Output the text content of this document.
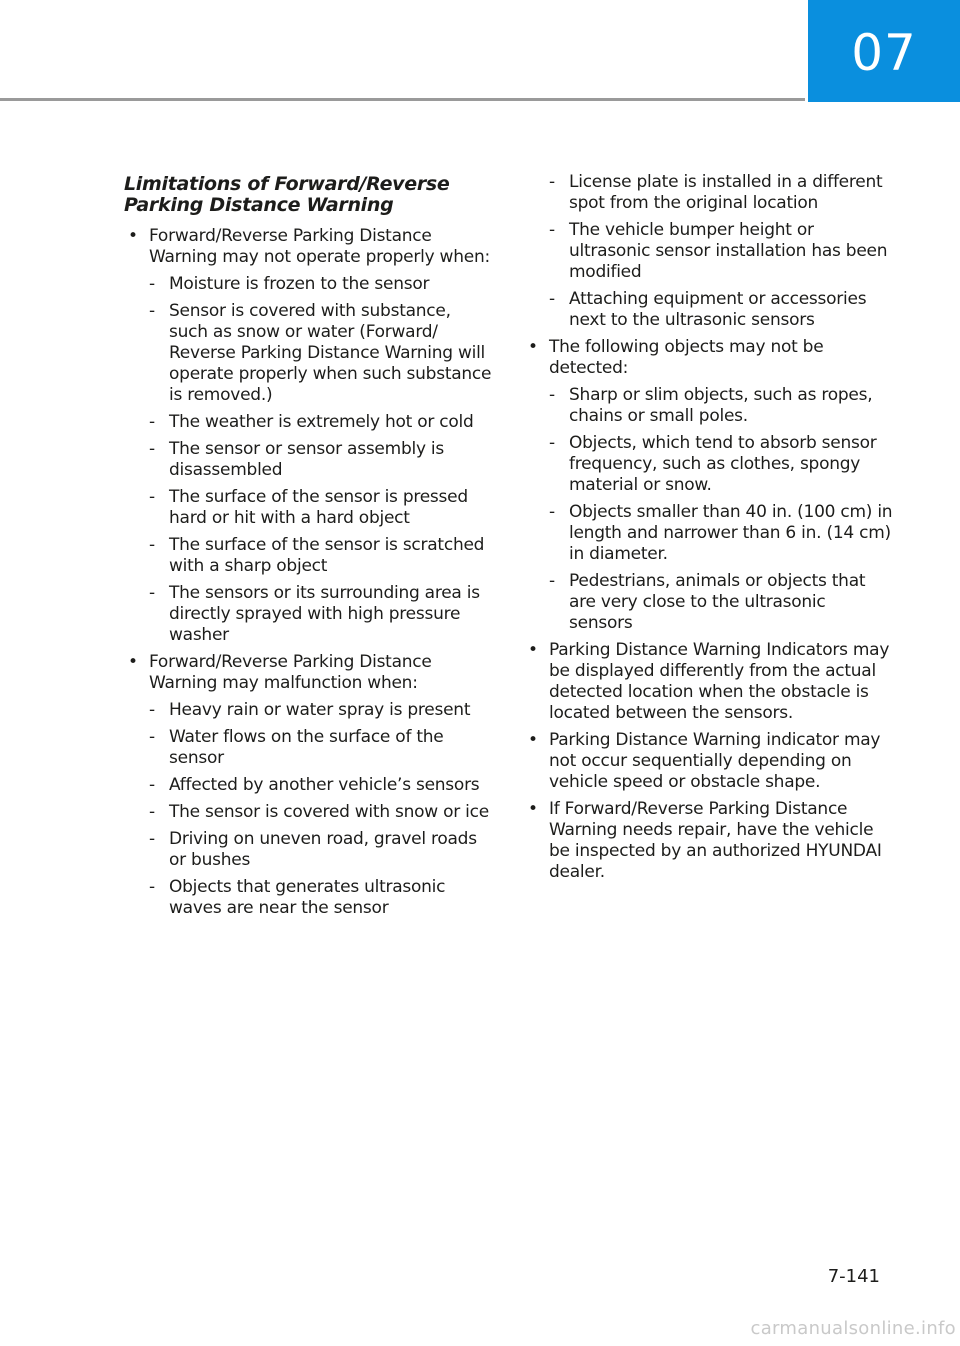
07
Limitations of Forward/Reverse Parking Distance Warning
• Forward/Reverse Parking Distance Warning may not operate properly when:
- Moisture is frozen to the sensor
- Sensor is covered with substance, such as snow or water (Forward/ Reverse Parking Distance Warning will operate properly when such substance is removed.)
- The weather is extremely hot or cold
- The sensor or sensor assembly is disassembled
- The surface of the sensor is pressed hard or hit with a hard object
- The surface of the sensor is scratched with a sharp object
- The sensors or its surrounding area is directly sprayed with high pressure washer
• Forward/Reverse Parking Distance Warning may malfunction when:
- Heavy rain or water spray is present
- Water flows on the surface of the sensor
- Affected by another vehicle’s sensors
- The sensor is covered with snow or ice
- Driving on uneven road, gravel roads or bushes
- Objects that generates ultrasonic waves are near the sensor
- License plate is installed in a different spot from the original location
- The vehicle bumper height or ultrasonic sensor installation has been modified
- Attaching equipment or accessories next to the ultrasonic sensors
• The following objects may not be detected:
- Sharp or slim objects, such as ropes, chains or small poles.
- Objects, which tend to absorb sensor frequency, such as clothes, spongy material or snow.
- Objects smaller than 40 in. (100 cm) in length and narrower than 6 in. (14 cm) in diameter.
- Pedestrians, animals or objects that are very close to the ultrasonic sensors
• Parking Distance Warning Indicators may be displayed differently from the actual detected location when the obstacle is located between the sensors.
• Parking Distance Warning indicator may not occur sequentially depending on vehicle speed or obstacle shape.
• If Forward/Reverse Parking Distance Warning needs repair, have the vehicle be inspected by an authorized HYUNDAI dealer.
7-141
carmanualsonline.info
